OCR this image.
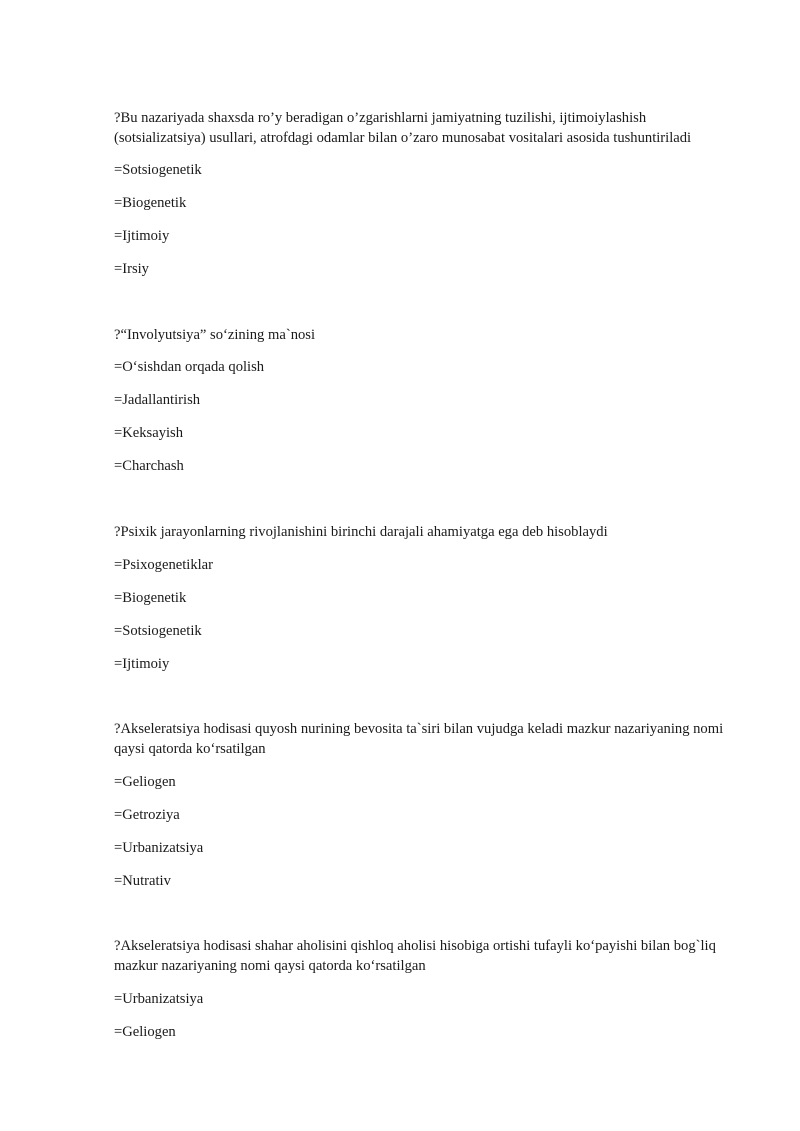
?Bu nazariyada shaxsda ro’y beradigan o’zgarishlarni jamiyatning tuzilishi, ijtimoiylashish
(sotsializatsiya) usullari, atrofdagi odamlar bilan o’zaro munosabat vositalari asosida tushuntiriladi
=Sotsiogenetik
=Biogenetik
=Ijtimoiy
=Irsiy
?“Involyutsiya” so‘zining ma`nosi
=O‘sishdan orqada qolish
=Jadallantirish
=Keksayish
=Charchash
?Psixik jarayonlarning rivojlanishini birinchi darajali ahamiyatga ega deb hisoblaydi
=Psixogenetiklar
=Biogenetik
=Sotsiogenetik
=Ijtimoiy
?Akseleratsiya hodisasi quyosh nurining bevosita ta`siri bilan vujudga keladi mazkur nazariyaning nomi
qaysi qatorda ko‘rsatilgan
=Geliogen
=Getroziya
=Urbanizatsiya
=Nutrativ
?Akseleratsiya hodisasi shahar aholisini qishloq aholisi hisobiga ortishi tufayli ko‘payishi bilan bog`liq
mazkur nazariyaning nomi qaysi qatorda ko‘rsatilgan
=Urbanizatsiya
=Geliogen
